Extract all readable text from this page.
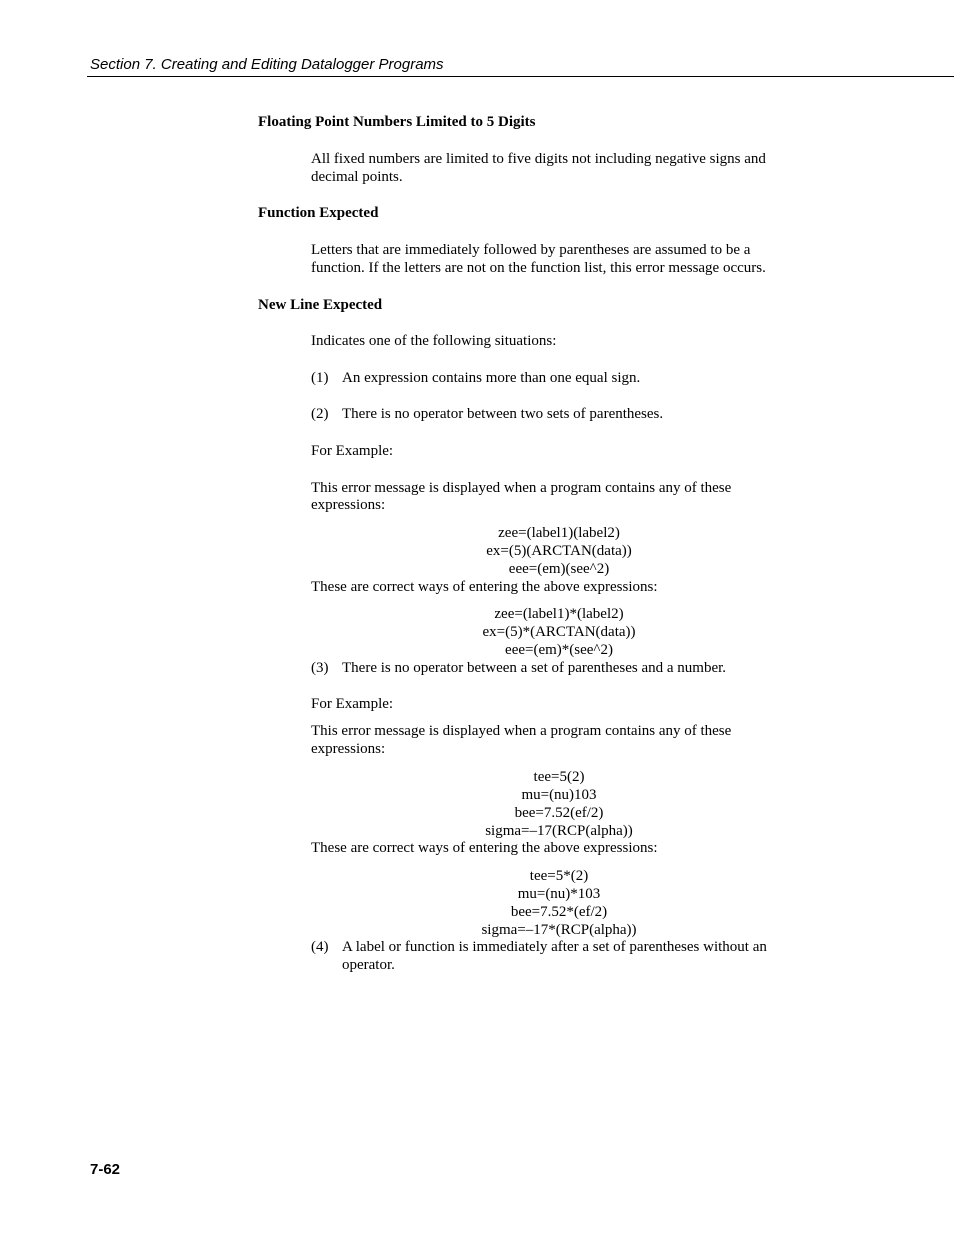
Section 7. Creating and Editing Datalogger Programs
Floating Point Numbers Limited to 5 Digits
All fixed numbers are limited to five digits not including negative signs and
decimal points.
Function Expected
Letters that are immediately followed by parentheses are assumed to be a
function. If the letters are not on the function list, this error message occurs.
New Line Expected
Indicates one of the following situations:
(1) An expression contains more than one equal sign.
(2) There is no operator between two sets of parentheses.
For Example:
This error message is displayed when a program contains any of these
expressions:
zee=(label1)(label2)
ex=(5)(ARCTAN(data))
eee=(em)(see^2)
These are correct ways of entering the above expressions:
zee=(label1)*(label2)
ex=(5)*(ARCTAN(data))
eee=(em)*(see^2)
(3) There is no operator between a set of parentheses and a number.
For Example:
This error message is displayed when a program contains any of these
expressions:
tee=5(2)
mu=(nu)103
bee=7.52(ef/2)
sigma=–17(RCP(alpha))
These are correct ways of entering the above expressions:
tee=5*(2)
mu=(nu)*103
bee=7.52*(ef/2)
sigma=–17*(RCP(alpha))
(4) A label or function is immediately after a set of parentheses without an
operator.
7-62
